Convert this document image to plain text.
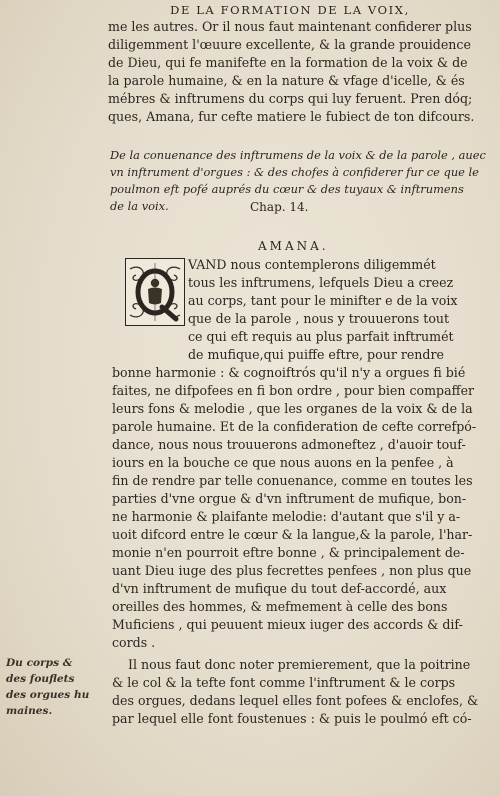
DE LA FORMATION DE LA VOIX,
me les autres. Or il nous faut maintenant confiderer plus
diligemment l'œuure excellente, & la grande prouidence
de Dieu, qui fe manifefte en la formation de la voix & de
la parole humaine, & en la nature & vfage d'icelle, & és
mébres & inftrumens du corps qui luy feruent. Pren dóq;
ques, Amana, fur cefte matiere le fubiect de ton difcours.
De la conuenance des inftrumens de la voix & de la parole , auec
vn inftrument d'orgues : & des chofes à confiderer fur ce que le
poulmon eft pofé auprés du cœur & des tuyaux & inftrumens
de la voix.	Chap. 14.
AMANA.
VAND nous contemplerons diligemmét
tous les inftrumens, lefquels Dieu a creez
au corps, tant pour le minifter e de la voix
que de la parole , nous y trouuerons tout
ce qui eft requis au plus parfait inftrumét
de mufique,qui puiffe eftre, pour rendre
bonne harmonie : & cognoiftrós qu'il n'y a orgues fi bié
faites, ne difpofees en fi bon ordre , pour bien compaffer
leurs fons & melodie , que les organes de la voix & de la
parole humaine. Et de la confideration de cefte correfpó-
dance, nous nous trouuerons admoneftez , d'auoir touf-
iours en la bouche ce que nous auons en la penfee , à
fin de rendre par telle conuenance, comme en toutes les
parties d'vne orgue & d'vn inftrument de mufique, bon-
ne harmonie & plaifante melodie: d'autant que s'il y a-
uoit difcord entre le cœur & la langue,& la parole, l'har-
monie n'en pourroit eftre bonne , & principalement de-
uant Dieu iuge des plus fecrettes penfees , non plus que
d'vn inftrument de mufique du tout def-accordé, aux
oreilles des hommes, & mefmement à celle des bons
Muficiens , qui peuuent mieux iuger des accords & dif-
cords .
Il nous faut donc noter premierement, que la poitrine
& le col & la tefte font comme l'inftrument & le corps
des orgues, dedans lequel elles font pofees & enclofes, &
par lequel elle font foustenues : & puis le poulmó eft có-
Du corps &
des fouflets
des orgues hu
maines.
